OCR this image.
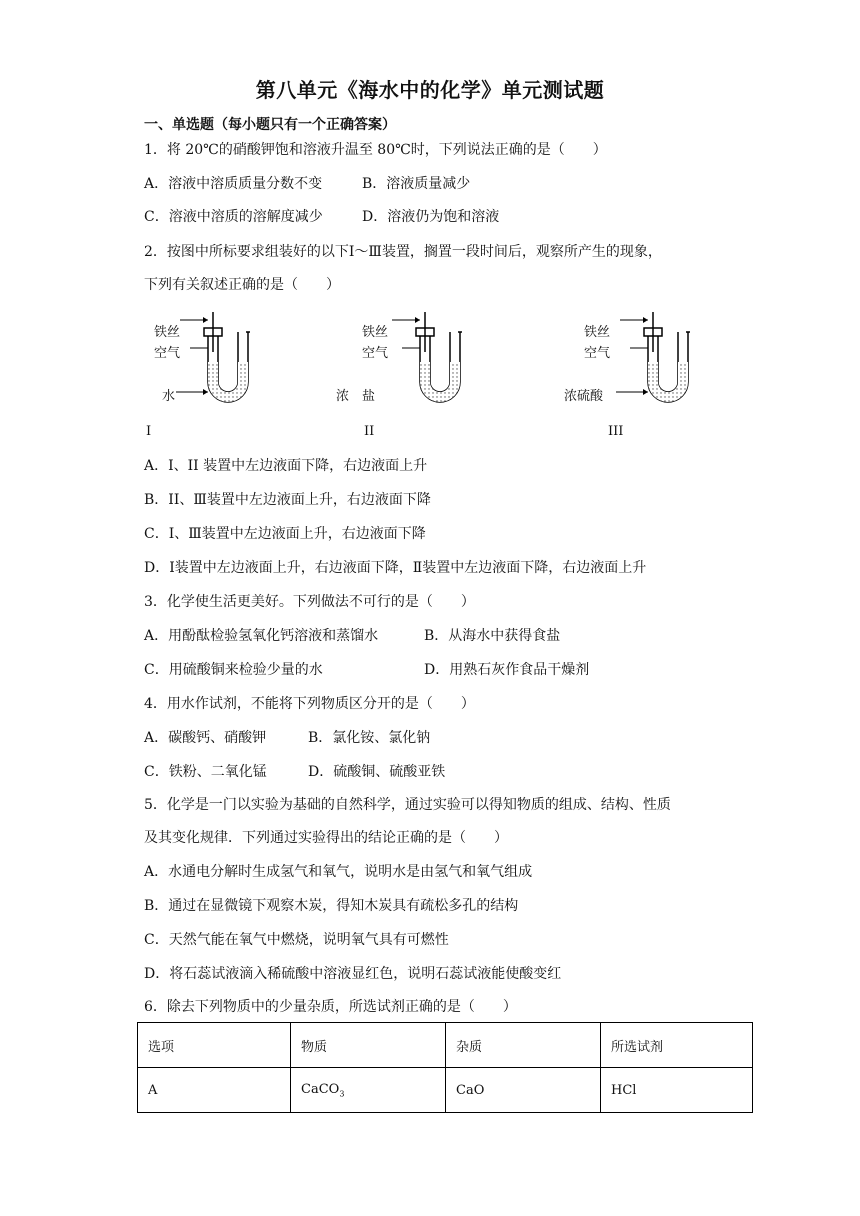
第八单元《海水中的化学》单元测试题
一、单选题（每小题只有一个正确答案）
1．将 20℃的硝酸钾饱和溶液升温至 80℃时，下列说法正确的是（　　）
A．溶液中溶质质量分数不变	B．溶液质量减少
C．溶液中溶质的溶解度减少	D．溶液仍为饱和溶液
2．按图中所标要求组装好的以下Ⅰ～Ⅲ装置，搁置一段时间后，观察所产生的现象，
下列有关叙述正确的是（　　）
铁丝
空气
水
铁丝
空气
浓　盐
铁丝
空气
浓硫酸
I	II	III
A．Ⅰ、II 装置中左边液面下降，右边液面上升
B．II、Ⅲ装置中左边液面上升，右边液面下降
C．Ⅰ、Ⅲ装置中左边液面上升，右边液面下降
D．Ⅰ装置中左边液面上升，右边液面下降，Ⅱ装置中左边液面下降，右边液面上升
3．化学使生活更美好。下列做法不可行的是（　　）
A．用酚酞检验氢氧化钙溶液和蒸馏水	B．从海水中获得食盐
C．用硫酸铜来检验少量的水	D．用熟石灰作食品干燥剂
4．用水作试剂，不能将下列物质区分开的是（　　）
A．碳酸钙、硝酸钾	B．氯化铵、氯化钠
C．铁粉、二氧化锰	D．硫酸铜、硫酸亚铁
5．化学是一门以实验为基础的自然科学，通过实验可以得知物质的组成、结构、性质
及其变化规律．下列通过实验得出的结论正确的是（　　）
A．水通电分解时生成氢气和氧气，说明水是由氢气和氧气组成
B．通过在显微镜下观察木炭，得知木炭具有疏松多孔的结构
C．天然气能在氧气中燃烧，说明氧气具有可燃性
D．将石蕊试液滴入稀硫酸中溶液显红色，说明石蕊试液能使酸变红
6．除去下列物质中的少量杂质，所选试剂正确的是（　　）
选项	物质	杂质	所选试剂
A	CaCO$_3$	CaO	HCl
